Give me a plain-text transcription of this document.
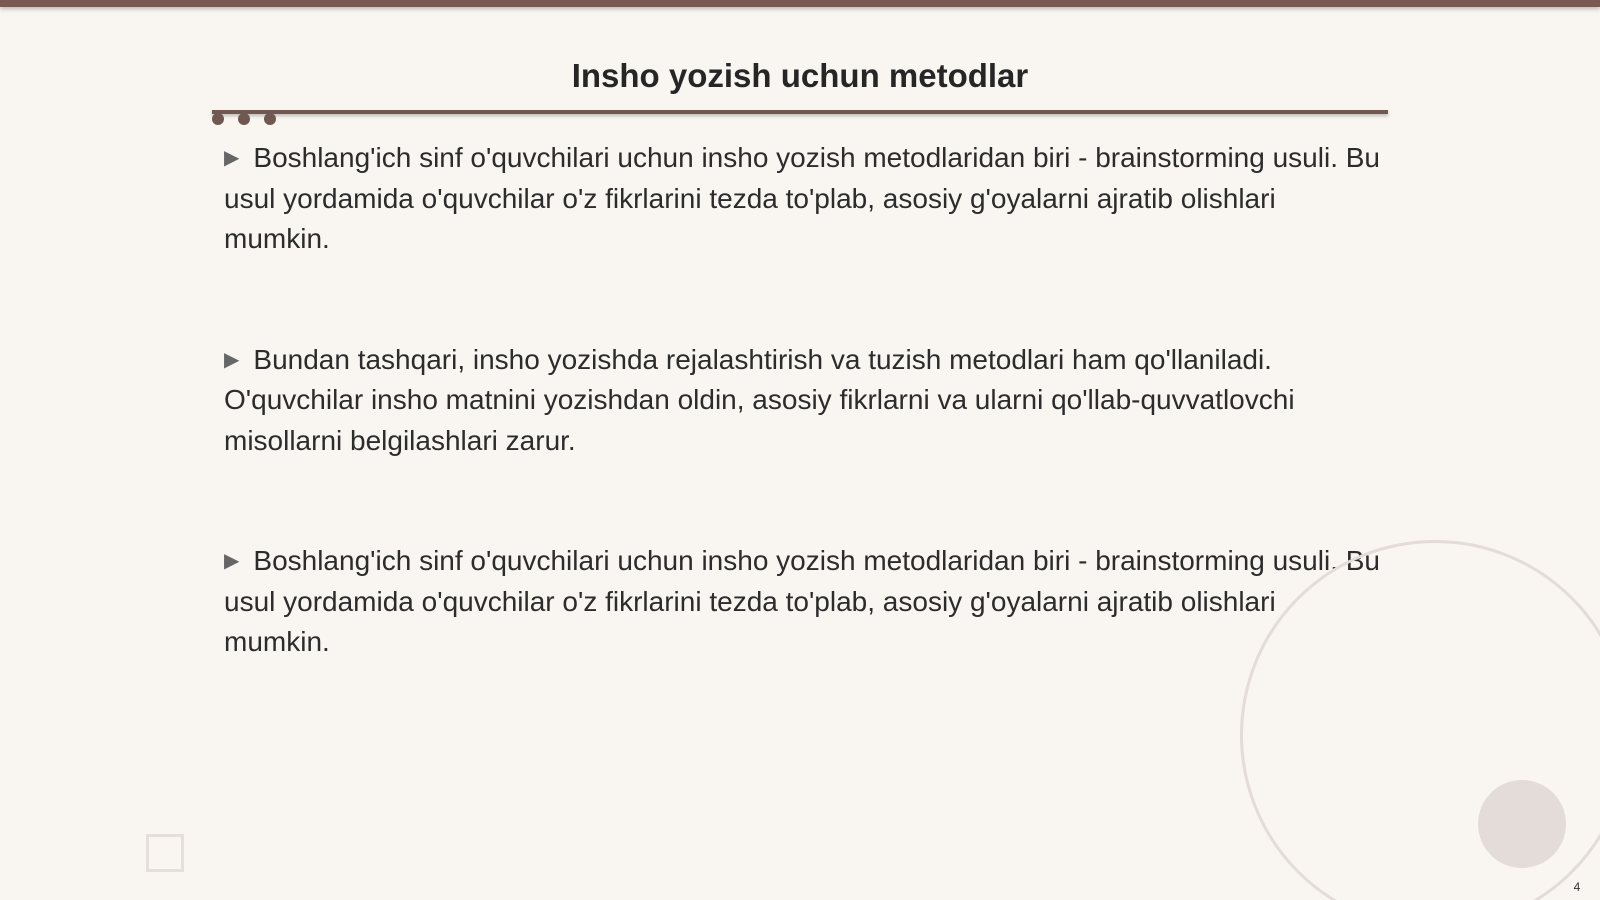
Insho yozish uchun metodlar

▶ Boshlang'ich sinf o'quvchilari uchun insho yozish metodlaridan biri - brainstorming usuli. Bu usul yordamida o'quvchilar o'z fikrlarini tezda to'plab, asosiy g'oyalarni ajratib olishlari mumkin.

▶ Bundan tashqari, insho yozishda rejalashtirish va tuzish metodlari ham qo'llaniladi. O'quvchilar insho matnini yozishdan oldin, asosiy fikrlarni va ularni qo'llab-quvvatlovchi misollarni belgilashlari zarur.

▶ Boshlang'ich sinf o'quvchilari uchun insho yozish metodlaridan biri - brainstorming usuli. Bu usul yordamida o'quvchilar o'z fikrlarini tezda to'plab, asosiy g'oyalarni ajratib olishlari mumkin.

4
